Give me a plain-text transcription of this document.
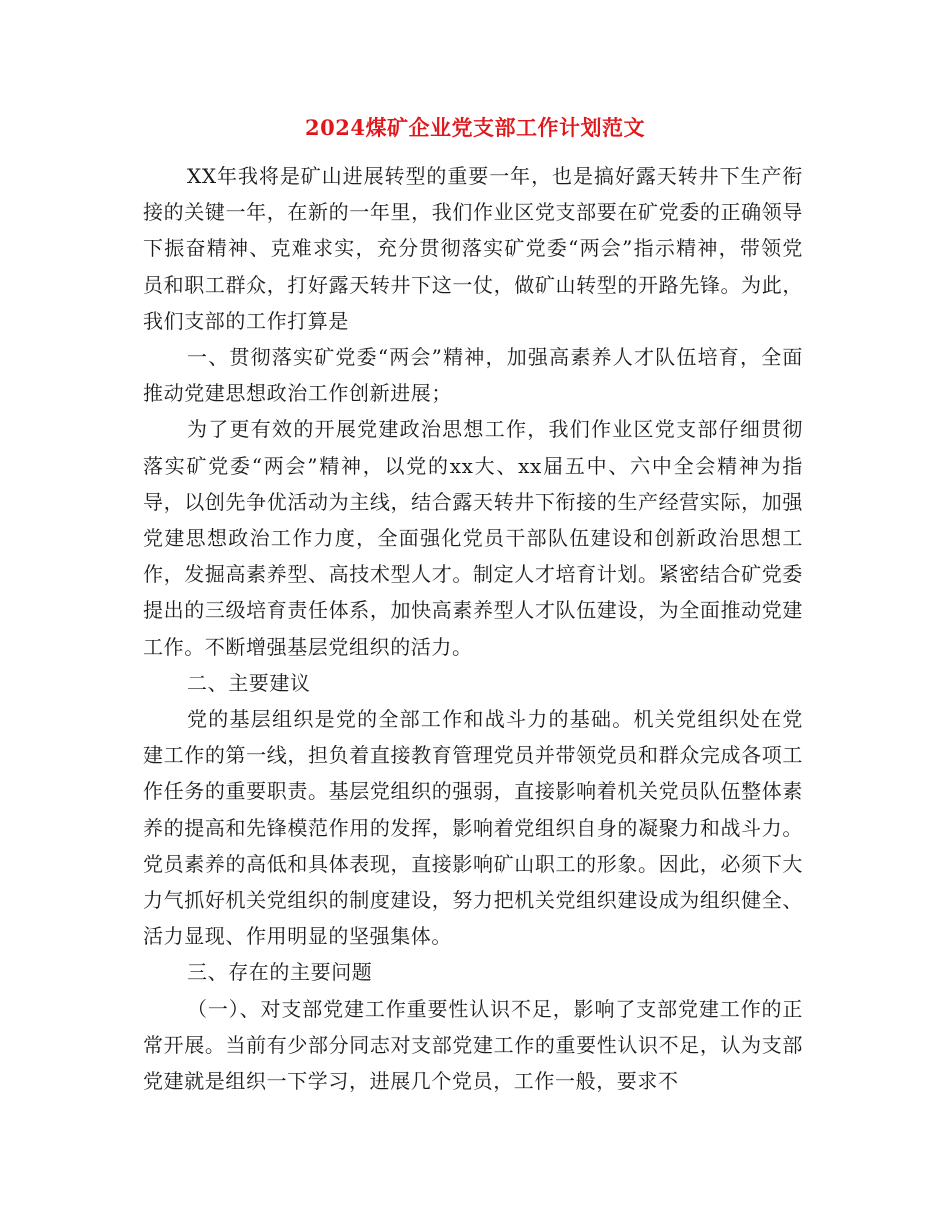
2024煤矿企业党支部工作计划范文

XX年我将是矿山进展转型的重要一年，也是搞好露天转井下生产衔接的关键一年，在新的一年里，我们作业区党支部要在矿党委的正确领导下振奋精神、克难求实，充分贯彻落实矿党委“两会”指示精神，带领党员和职工群众，打好露天转井下这一仗，做矿山转型的开路先锋。为此，我们支部的工作打算是

一、贯彻落实矿党委“两会”精神，加强高素养人才队伍培育，全面推动党建思想政治工作创新进展；

为了更有效的开展党建政治思想工作，我们作业区党支部仔细贯彻落实矿党委“两会”精神，以党的xx大、xx届五中、六中全会精神为指导，以创先争优活动为主线，结合露天转井下衔接的生产经营实际，加强党建思想政治工作力度，全面强化党员干部队伍建设和创新政治思想工作，发掘高素养型、高技术型人才。制定人才培育计划。紧密结合矿党委提出的三级培育责任体系，加快高素养型人才队伍建设，为全面推动党建工作。不断增强基层党组织的活力。

二、主要建议

党的基层组织是党的全部工作和战斗力的基础。机关党组织处在党建工作的第一线，担负着直接教育管理党员并带领党员和群众完成各项工作任务的重要职责。基层党组织的强弱，直接影响着机关党员队伍整体素养的提高和先锋模范作用的发挥，影响着党组织自身的凝聚力和战斗力。党员素养的高低和具体表现，直接影响矿山职工的形象。因此，必须下大力气抓好机关党组织的制度建设，努力把机关党组织建设成为组织健全、活力显现、作用明显的坚强集体。

三、存在的主要问题

（一）、对支部党建工作重要性认识不足，影响了支部党建工作的正常开展。当前有少部分同志对支部党建工作的重要性认识不足，认为支部党建就是组织一下学习，进展几个党员，工作一般，要求不
